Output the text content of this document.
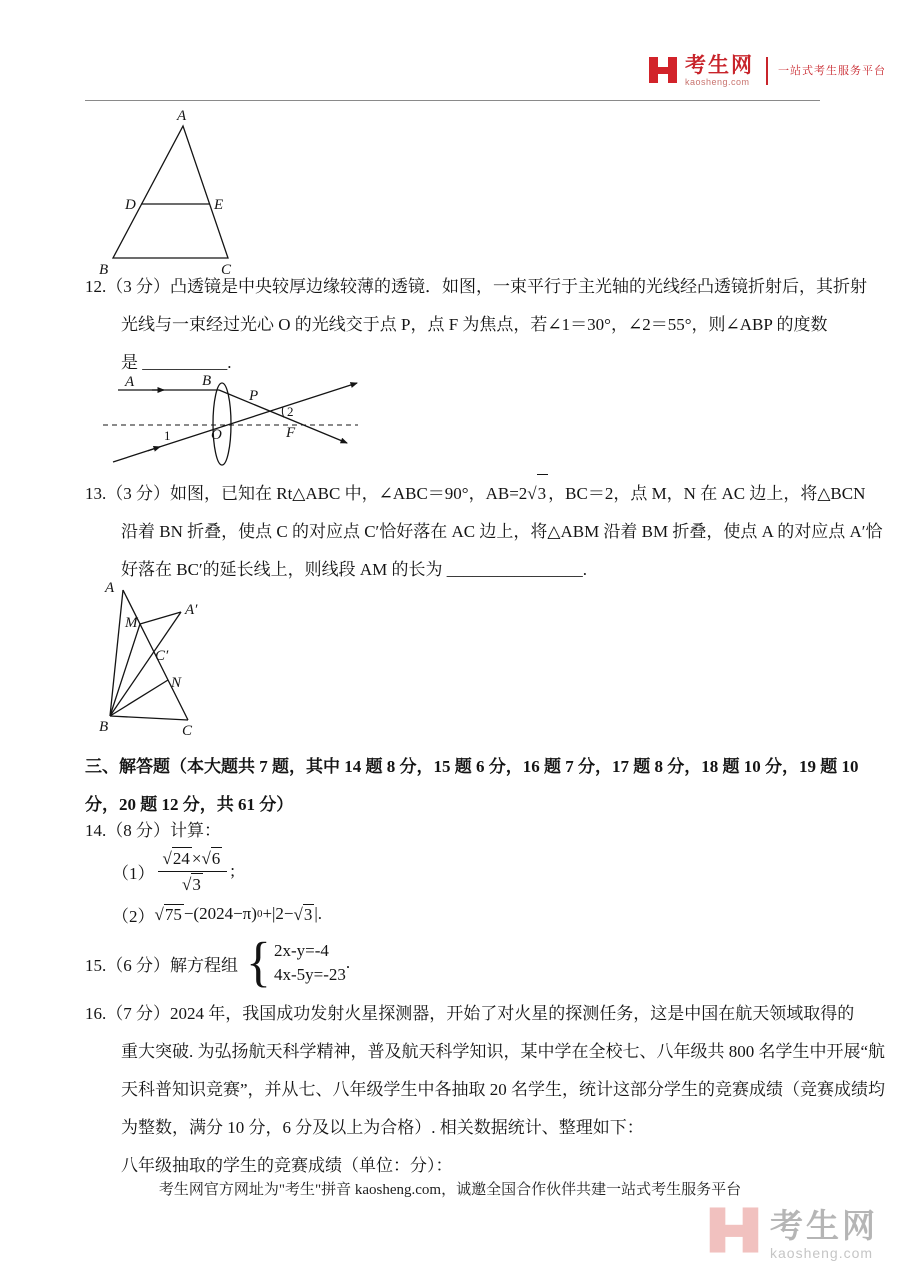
考生网
kaosheng.com
一站式考生服务平台
A
B	C
D	E
12.（3 分）凸透镜是中央较厚边缘较薄的透镜．如图，一束平行于主光轴的光线经凸透镜折射后，其折射
光线与一束经过光心 O 的光线交于点 P，点 F 为焦点，若∠1＝30°，∠2＝55°，则∠ABP 的度数
是 __________.
A	B
P
O	F
1
2
13.（3 分）如图，已知在 Rt△ABC 中，∠ABC＝90°，AB=2√3 ，BC＝2，点 M，N 在 AC 边上，将△BCN
沿着 BN 折叠，使点 C 的对应点 C′恰好落在 AC 边上，将△ABM 沿着 BM 折叠，使点 A 的对应点 A′恰
好落在 BC′的延长线上，则线段 AM 的长为 ________________.
A
M
A′
C′
N
B	C
三、解答题（本大题共 7 题，其中 14 题 8 分，15 题 6 分，16 题 7 分，17 题 8 分，18 题 10 分，19 题 10
分，20 题 12 分，共 61 分）
14.（8 分）计算：
$(1) \frac{√24 \times√6}{√3}$ ;
（2） √75 −(2024−π) 0 +|2− √3 |.
15.（6 分）解方程组 { 2x-y=-4
4x-5y=-23
.
16.（7 分）2024 年，我国成功发射火星探测器，开始了对火星的探测任务，这是中国在航天领域取得的
重大突破. 为弘扬航天科学精神，普及航天科学知识，某中学在全校七、八年级共 800 名学生中开展“航
天科普知识竞赛”，并从七、八年级学生中各抽取 20 名学生，统计这部分学生的竞赛成绩（竞赛成绩均
为整数，满分 10 分，6 分及以上为合格）. 相关数据统计、整理如下：
八年级抽取的学生的竞赛成绩（单位：分）：
考生网官方网址为"考生"拼音 kaosheng.com，诚邀全国合作伙伴共建一站式考生服务平台
考生网
kaosheng.com
